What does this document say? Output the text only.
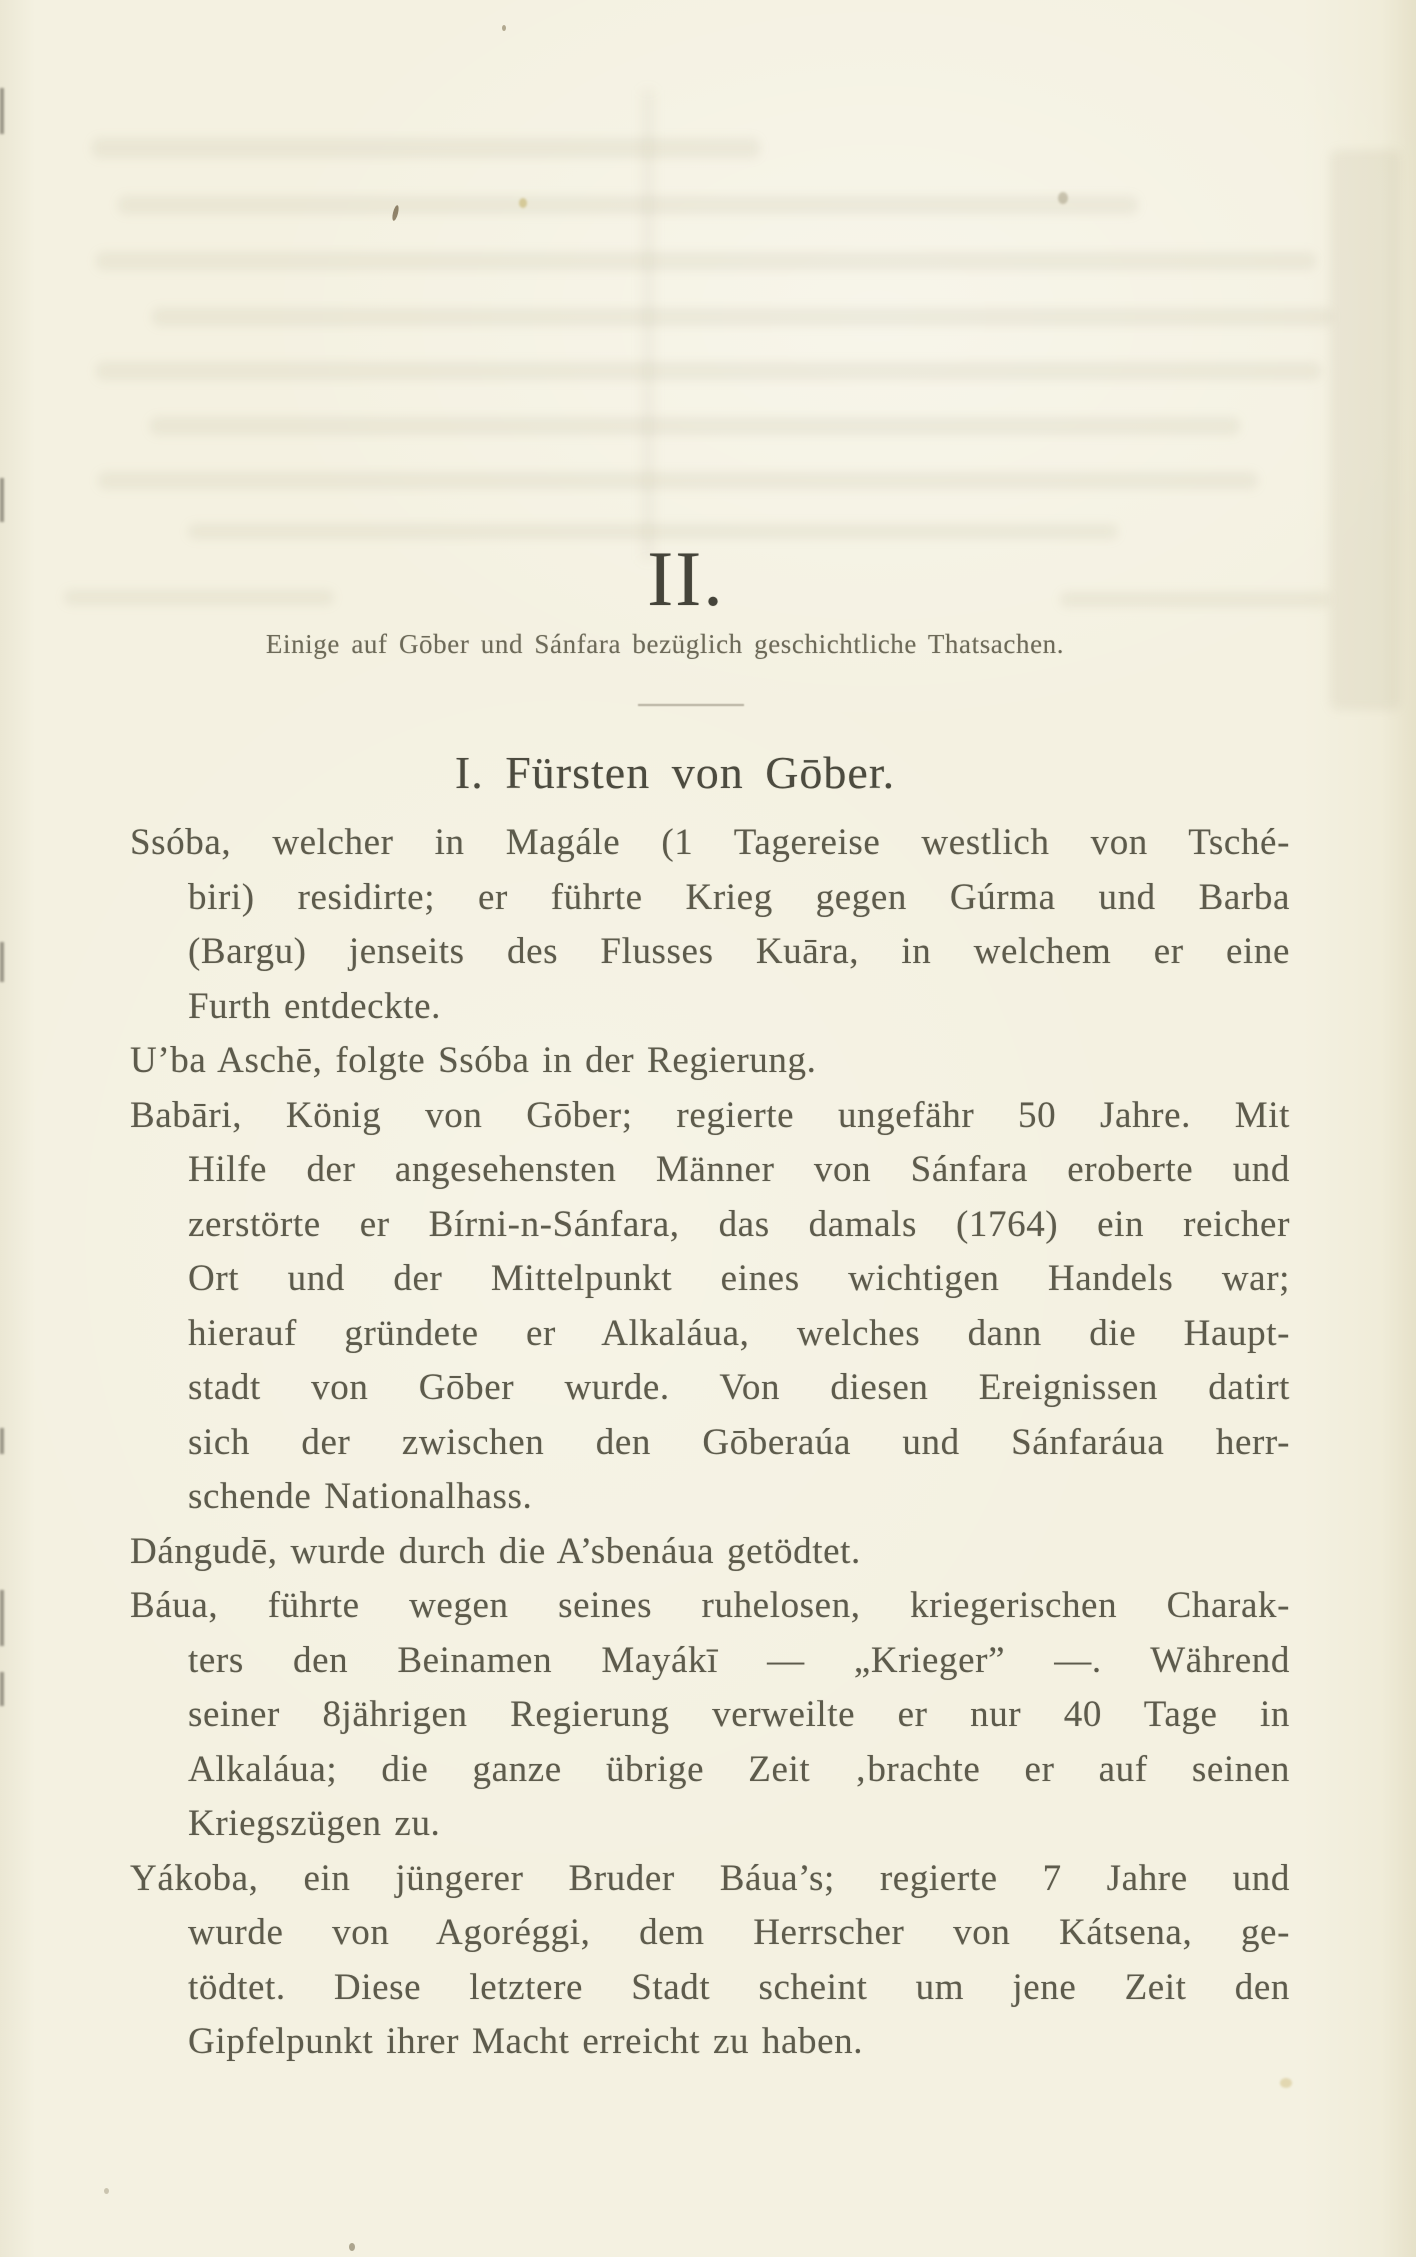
II.
Einige auf Gōber und Sánfara bezüglich geschichtliche Thatsachen.
I. Fürsten von Gōber.
Ssóba, welcher in Magále (1 Tagereise westlich von Tsché-
biri) residirte; er führte Krieg gegen Gúrma und Barba
(Bargu) jenseits des Flusses Kuāra, in welchem er eine
Furth entdeckte.
U’ba Aschē, folgte Ssóba in der Regierung.
Babāri, König von Gōber; regierte ungefähr 50 Jahre. Mit
Hilfe der angesehensten Männer von Sánfara eroberte und
zerstörte er Bírni-n-Sánfara, das damals (1764) ein reicher
Ort und der Mittelpunkt eines wichtigen Handels war;
hierauf gründete er Alkaláua, welches dann die Haupt-
stadt von Gōber wurde. Von diesen Ereignissen datirt
sich der zwischen den Gōberaúa und Sánfaráua herr-
schende Nationalhass.
Dángudē, wurde durch die A’sbenáua getödtet.
Báua, führte wegen seines ruhelosen, kriegerischen Charak-
ters den Beinamen Mayákī — „Krieger” —. Während
seiner 8jährigen Regierung verweilte er nur 40 Tage in
Alkaláua; die ganze übrige Zeit ‚brachte er auf seinen
Kriegszügen zu.
Yákoba, ein jüngerer Bruder Báua’s; regierte 7 Jahre und
wurde von Agoréggi, dem Herrscher von Kátsena, ge-
tödtet. Diese letztere Stadt scheint um jene Zeit den
Gipfelpunkt ihrer Macht erreicht zu haben.
